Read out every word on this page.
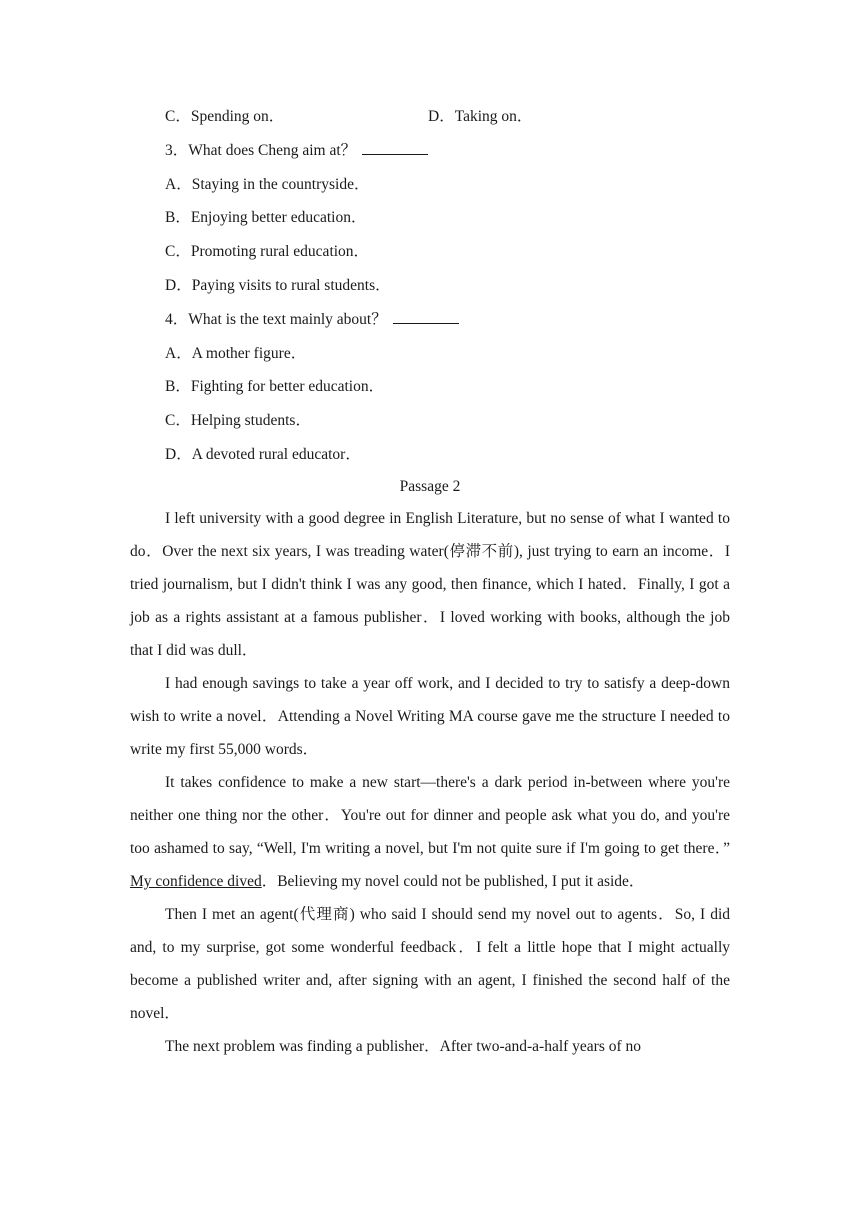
C．Spending on．	D．Taking on．
3．What does Cheng aim at？
A．Staying in the countryside．
B．Enjoying better education．
C．Promoting rural education．
D．Paying visits to rural students．
4．What is the text mainly about？
A．A mother figure．
B．Fighting for better education．
C．Helping students．
D．A devoted rural educator．
Passage 2

I left university with a good degree in English Literature, but no sense of what I wanted to do．Over the next six years, I was treading water(停滞不前), just trying to earn an income．I tried journalism, but I didn't think I was any good, then finance, which I hated．Finally, I got a job as a rights assistant at a famous publisher．I loved working with books, although the job that I did was dull．

I had enough savings to take a year off work, and I decided to try to satisfy a deep-down wish to write a novel．Attending a Novel Writing MA course gave me the structure I needed to write my first 55,000 words．

It takes confidence to make a new start—there's a dark period in-between where you're neither one thing nor the other．You're out for dinner and people ask what you do, and you're too ashamed to say, “Well, I'm writing a novel, but I'm not quite sure if I'm going to get there．” My confidence dived．Believing my novel could not be published, I put it aside．

Then I met an agent(代理商) who said I should send my novel out to agents．So, I did and, to my surprise, got some wonderful feedback．I felt a little hope that I might actually become a published writer and, after signing with an agent, I finished the second half of the novel．

The next problem was finding a publisher．After two-and-a-half years of no
